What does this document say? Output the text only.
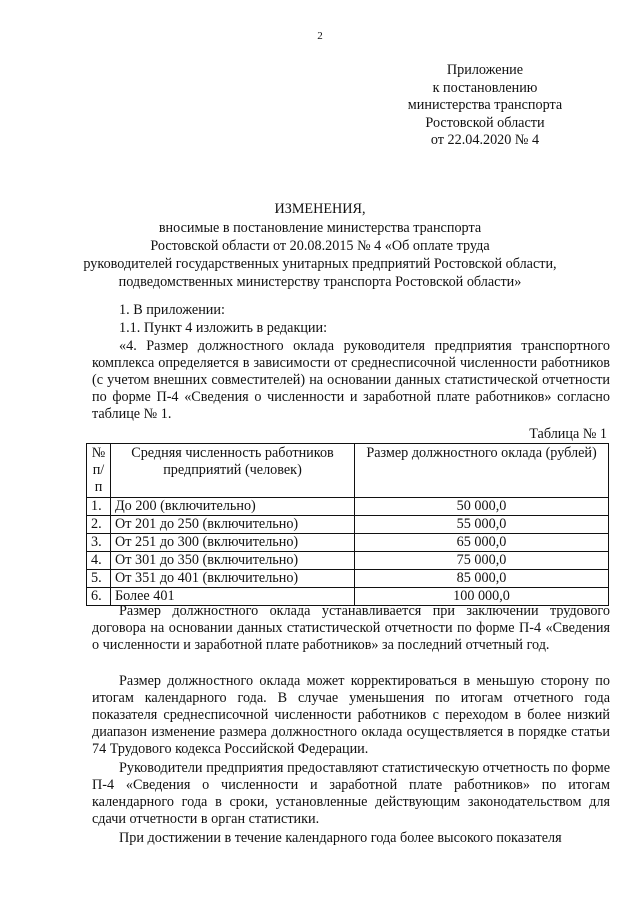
2
Приложение
к постановлению
министерства транспорта
Ростовской области
от 22.04.2020 № 4
ИЗМЕНЕНИЯ,
вносимые в постановление министерства транспорта
Ростовской области от 20.08.2015 № 4 «Об оплате труда
руководителей государственных унитарных предприятий Ростовской области,
подведомственных министерству транспорта Ростовской области»
1. В приложении:
1.1. Пункт 4 изложить в редакции:
«4. Размер должностного оклада руководителя предприятия транспортного комплекса определяется в зависимости от среднесписочной численности работников (с учетом внешних совместителей) на основании данных статистической отчетности по форме П-4 «Сведения о численности и заработной плате работников» согласно таблице № 1.
Таблица № 1
№ п/п	Средняя численность работников предприятий (человек)	Размер должностного оклада (рублей)
1.	До 200 (включительно)	50 000,0
2.	От 201 до 250 (включительно)	55 000,0
3.	От 251 до 300 (включительно)	65 000,0
4.	От 301 до 350 (включительно)	75 000,0
5.	От 351 до 401 (включительно)	85 000,0
6.	Более 401	100 000,0
Размер должностного оклада устанавливается при заключении трудового договора на основании данных статистической отчетности по форме П-4 «Сведения о численности и заработной плате работников» за последний отчетный год.
Размер должностного оклада может корректироваться в меньшую сторону по итогам календарного года. В случае уменьшения по итогам отчетного года показателя среднесписочной численности работников с переходом в более низкий диапазон изменение размера должностного оклада осуществляется в порядке статьи 74 Трудового кодекса Российской Федерации.
Руководители предприятия предоставляют статистическую отчетность по форме П-4 «Сведения о численности и заработной плате работников» по итогам календарного года в сроки, установленные действующим законодательством для сдачи отчетности в орган статистики.
При достижении в течение календарного года более высокого показателя
